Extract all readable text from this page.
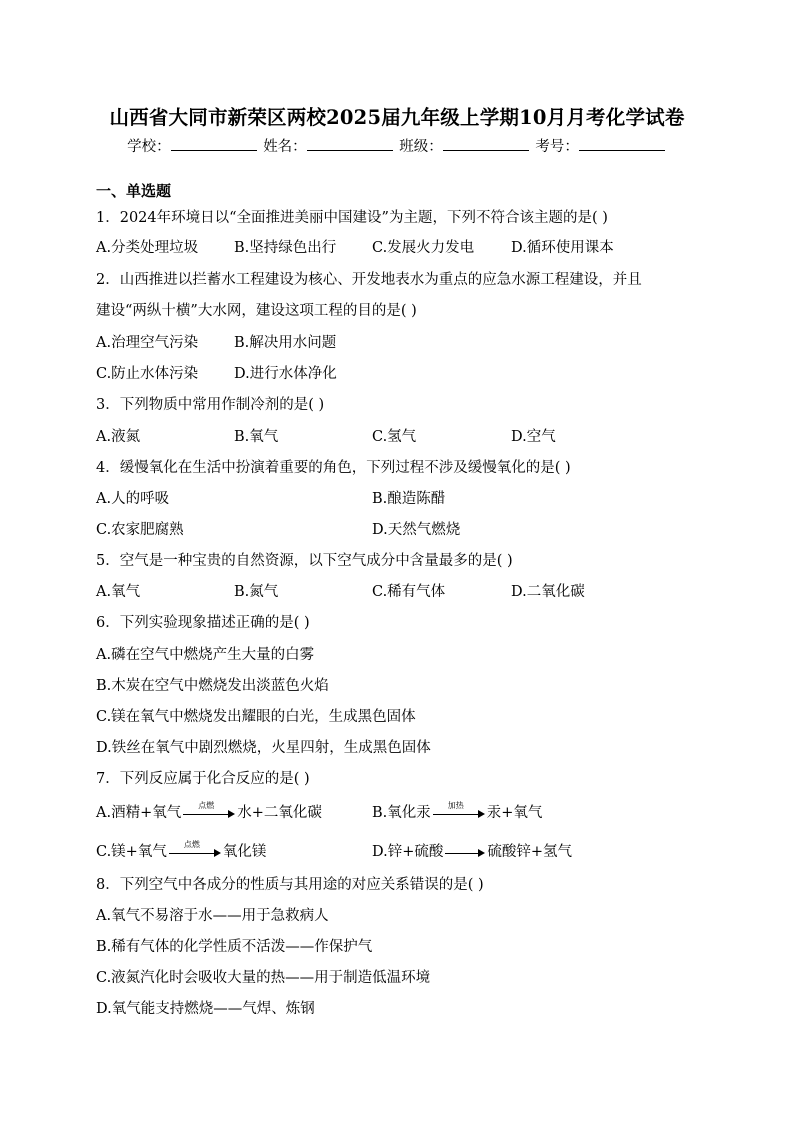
山西省大同市新荣区两校2025届九年级上学期10月月考化学试卷
学校：	姓名：	班级：	考号：
一、单选题
1．2024年环境日以“全面推进美丽中国建设”为主题，下列不符合该主题的是( )
A.分类处理垃圾 B.坚持绿色出行 C.发展火力发电	D.循环使用课本
2．山西推进以拦蓄水工程建设为核心、开发地表水为重点的应急水源工程建设，并且
建设“两纵十横”大水网，建设这项工程的目的是( )
A.治理空气污染 B.解决用水问题
C.防止水体污染 D.进行水体净化
3．下列物质中常用作制冷剂的是( )
A.液氮	B.氧气	C.氢气	D.空气
4．缓慢氧化在生活中扮演着重要的角色，下列过程不涉及缓慢氧化的是( )
A.人的呼吸	B.酿造陈醋
C.农家肥腐熟	D.天然气燃烧
5．空气是一种宝贵的自然资源，以下空气成分中含量最多的是( )
A.氧气	B.氮气	C.稀有气体	D.二氧化碳
6．下列实验现象描述正确的是( )
A.磷在空气中燃烧产生大量的白雾
B.木炭在空气中燃烧发出淡蓝色火焰
C.镁在氧气中燃烧发出耀眼的白光，生成黑色固体
D.铁丝在氧气中剧烈燃烧，火星四射，生成黑色固体
7．下列反应属于化合反应的是( )
A.酒精+氧气	点燃	水+二氧化碳	B.氧化汞	加热	汞+氧气
C.镁+氧气	点燃	氧化镁	D.锌+硫酸	硫酸锌+氢气
8．下列空气中各成分的性质与其用途的对应关系错误的是( )
A.氧气不易溶于水——用于急救病人
B.稀有气体的化学性质不活泼——作保护气
C.液氮汽化时会吸收大量的热——用于制造低温环境
D.氧气能支持燃烧——气焊、炼钢
